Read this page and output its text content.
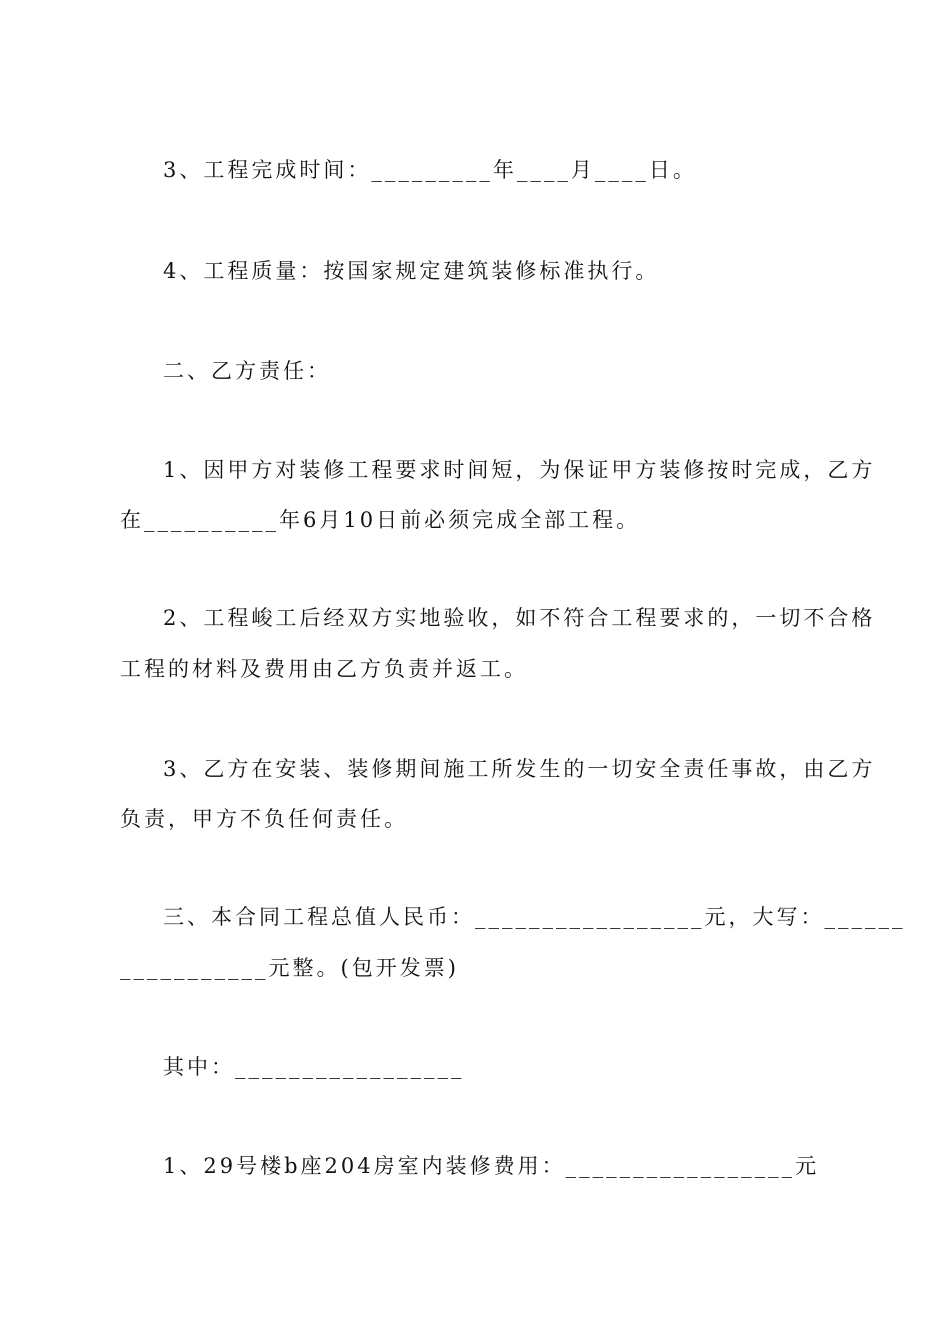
3、工程完成时间：_________年____月____日。
4、工程质量：按国家规定建筑装修标准执行。
二、乙方责任：
1、因甲方对装修工程要求时间短，为保证甲方装修按时完成，乙方
在__________年6月10日前必须完成全部工程。
2、工程峻工后经双方实地验收，如不符合工程要求的，一切不合格
工程的材料及费用由乙方负责并返工。
3、乙方在安装、装修期间施工所发生的一切安全责任事故，由乙方
负责，甲方不负任何责任。
三、本合同工程总值人民币：_________________元，大写：______
___________元整。(包开发票)
其中：_________________
1、29号楼b座204房室内装修费用：_________________元
